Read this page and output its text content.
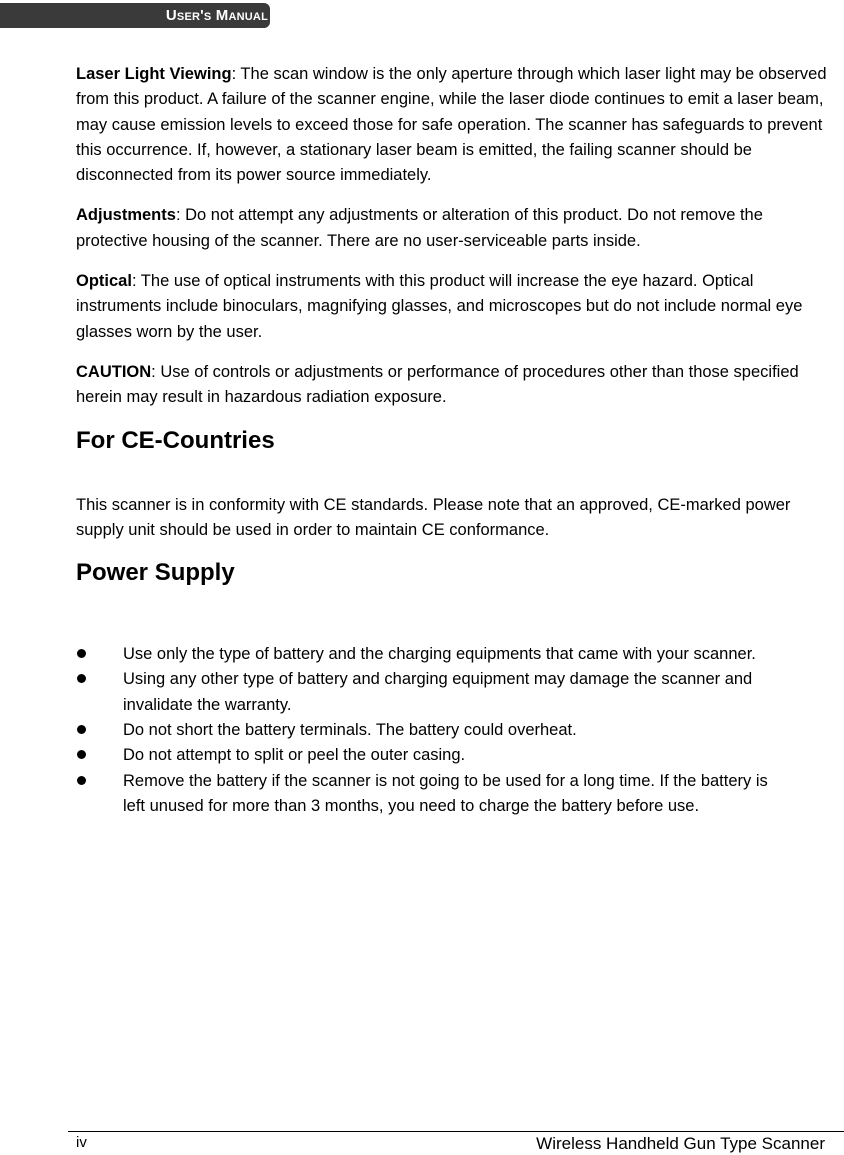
User's Manual

Laser Light Viewing: The scan window is the only aperture through which laser light may be observed from this product. A failure of the scanner engine, while the laser diode continues to emit a laser beam, may cause emission levels to exceed those for safe operation. The scanner has safeguards to prevent this occurrence. If, however, a stationary laser beam is emitted, the failing scanner should be disconnected from its power source immediately.

Adjustments: Do not attempt any adjustments or alteration of this product. Do not remove the protective housing of the scanner. There are no user-serviceable parts inside.

Optical: The use of optical instruments with this product will increase the eye hazard. Optical instruments include binoculars, magnifying glasses, and microscopes but do not include normal eye glasses worn by the user.

CAUTION: Use of controls or adjustments or performance of procedures other than those specified herein may result in hazardous radiation exposure.

For CE-Countries

This scanner is in conformity with CE standards. Please note that an approved, CE-marked power supply unit should be used in order to maintain CE conformance.

Power Supply
Use only the type of battery and the charging equipments that came with your scanner.
Using any other type of battery and charging equipment may damage the scanner and invalidate the warranty.
Do not short the battery terminals. The battery could overheat.
Do not attempt to split or peel the outer casing.
Remove the battery if the scanner is not going to be used for a long time. If the battery is left unused for more than 3 months, you need to charge the battery before use.
iv	Wireless Handheld Gun Type Scanner
